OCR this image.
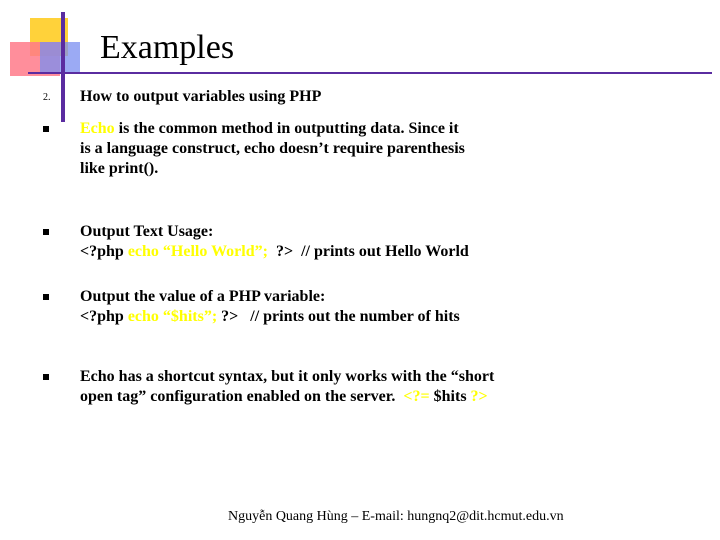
Examples
2. How to output variables using PHP
Echo is the common method in outputting data. Since it
is a language construct, echo doesn’t require parenthesis
like print().
Output Text Usage:
<?php echo “Hello World”;  ?>  // prints out Hello World
Output the value of a PHP variable:
<?php echo “$hits”; ?>   // prints out the number of hits
Echo has a shortcut syntax, but it only works with the “short
open tag” configuration enabled on the server.  <?= $hits ?>
Nguyễn Quang Hùng – E-mail: hungnq2@dit.hcmut.edu.vn
